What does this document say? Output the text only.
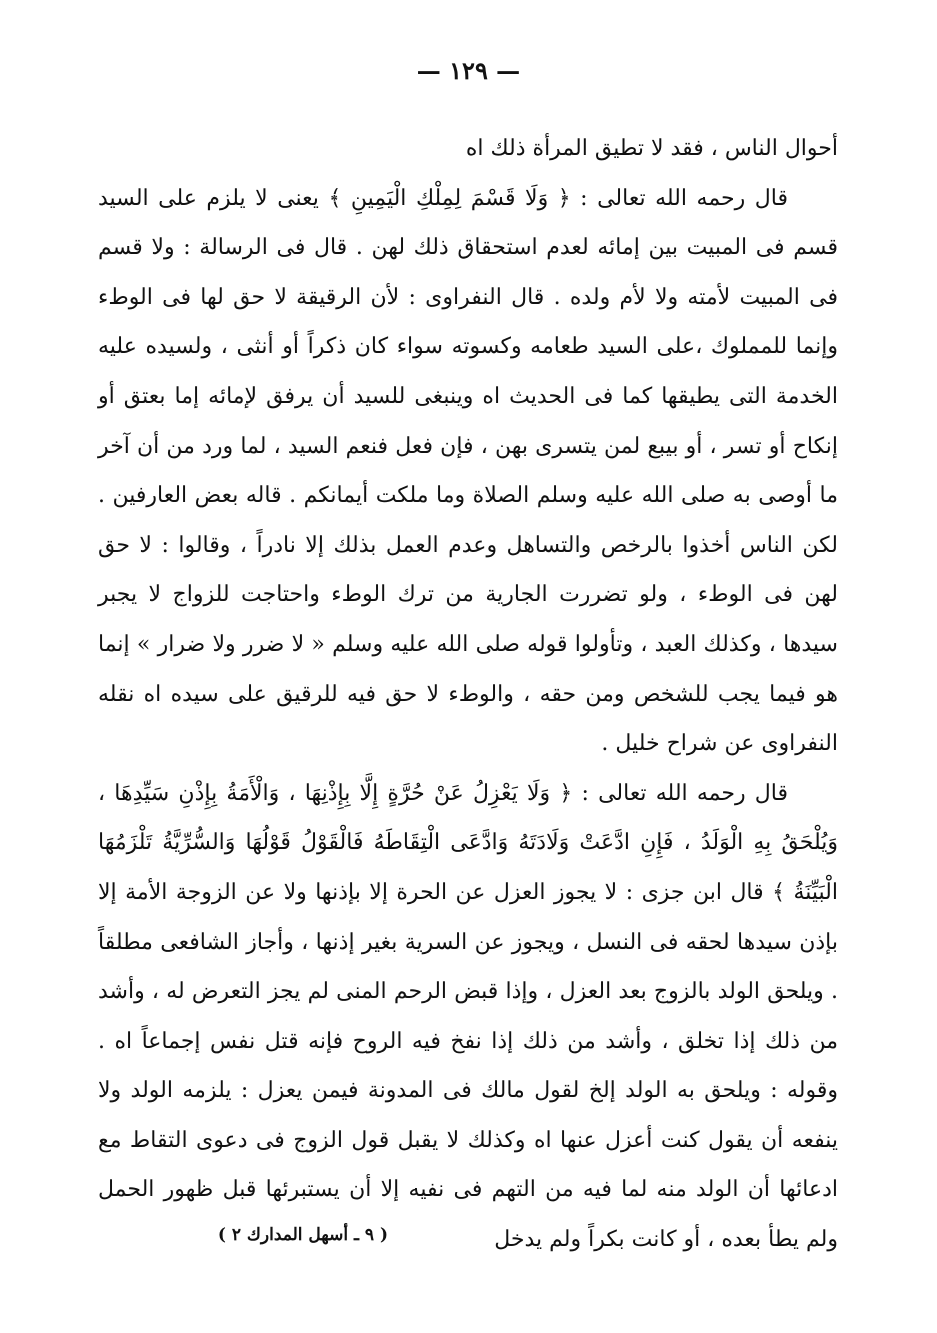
— ١٢٩ —

أحوال الناس ، فقد لا تطيق المرأة ذلك اه

قال رحمه الله تعالى : ﴿ وَلَا قَسْمَ لِمِلْكِ الْيَمِينِ ﴾ يعنى لا يلزم على السيد قسم فى المبيت بين إمائه لعدم استحقاق ذلك لهن . قال فى الرسالة : ولا قسم فى المبيت لأمته ولا لأم ولده . قال النفراوى : لأن الرقيقة لا حق لها فى الوطء وإنما للمملوك ،على السيد طعامه وكسوته سواء كان ذكراً أو أنثى ، ولسيده عليه الخدمة التى يطيقها كما فى الحديث اه وينبغى للسيد أن يرفق لإمائه إما بعتق أو إنكاح أو تسر ، أو بيبع لمن يتسرى بهن ، فإن فعل فنعم السيد ، لما ورد من أن آخر ما أوصى به صلى الله عليه وسلم الصلاة وما ملكت أيمانكم . قاله بعض العارفين . لكن الناس أخذوا بالرخص والتساهل وعدم العمل بذلك إلا نادراً ، وقالوا : لا حق لهن فى الوطء ، ولو تضررت الجارية من ترك الوطء واحتاجت للزواج لا يجبر سيدها ، وكذلك العبد ، وتأولوا قوله صلى الله عليه وسلم « لا ضرر ولا ضرار » إنما هو فيما يجب للشخص ومن حقه ، والوطء لا حق فيه للرقيق على سيده اه نقله النفراوى عن شراح خليل .

قال رحمه الله تعالى : ﴿ وَلَا يَعْزِلُ عَنْ حُرَّةٍ إِلَّا بِإِذْنِهَا ، وَالْأَمَةُ بِإِذْنِ سَيِّدِهَا ، وَيُلْحَقُ بِهِ الْوَلَدُ ، فَإِنِ ادَّعَتْ وَلَادَتَهُ وَادَّعَى الْتِقَاطَهُ فَالْقَوْلُ قَوْلُهَا وَالسُّرِّيَّةُ تَلْزَمُهَا الْبَيِّنَةُ ﴾ قال ابن جزى : لا يجوز العزل عن الحرة إلا بإذنها ولا عن الزوجة الأمة إلا بإذن سيدها لحقه فى النسل ، ويجوز عن السرية بغير إذنها ، وأجاز الشافعى مطلقاً . ويلحق الولد بالزوج بعد العزل ، وإذا قبض الرحم المنى لم يجز التعرض له ، وأشد من ذلك إذا تخلق ، وأشد من ذلك إذا نفخ فيه الروح فإنه قتل نفس إجماعاً اه . وقوله : ويلحق به الولد إلخ لقول مالك فى المدونة فيمن يعزل : يلزمه الولد ولا ينفعه أن يقول كنت أعزل عنها اه وكذلك لا يقبل قول الزوج فى دعوى التقاط مع ادعائها أن الولد منه لما فيه من التهم فى نفيه إلا أن يستبرئها قبل ظهور الحمل ولم يطأ بعده ، أو كانت بكراً ولم يدخل

( ٩ ـ أسهل المدارك ٢ )
